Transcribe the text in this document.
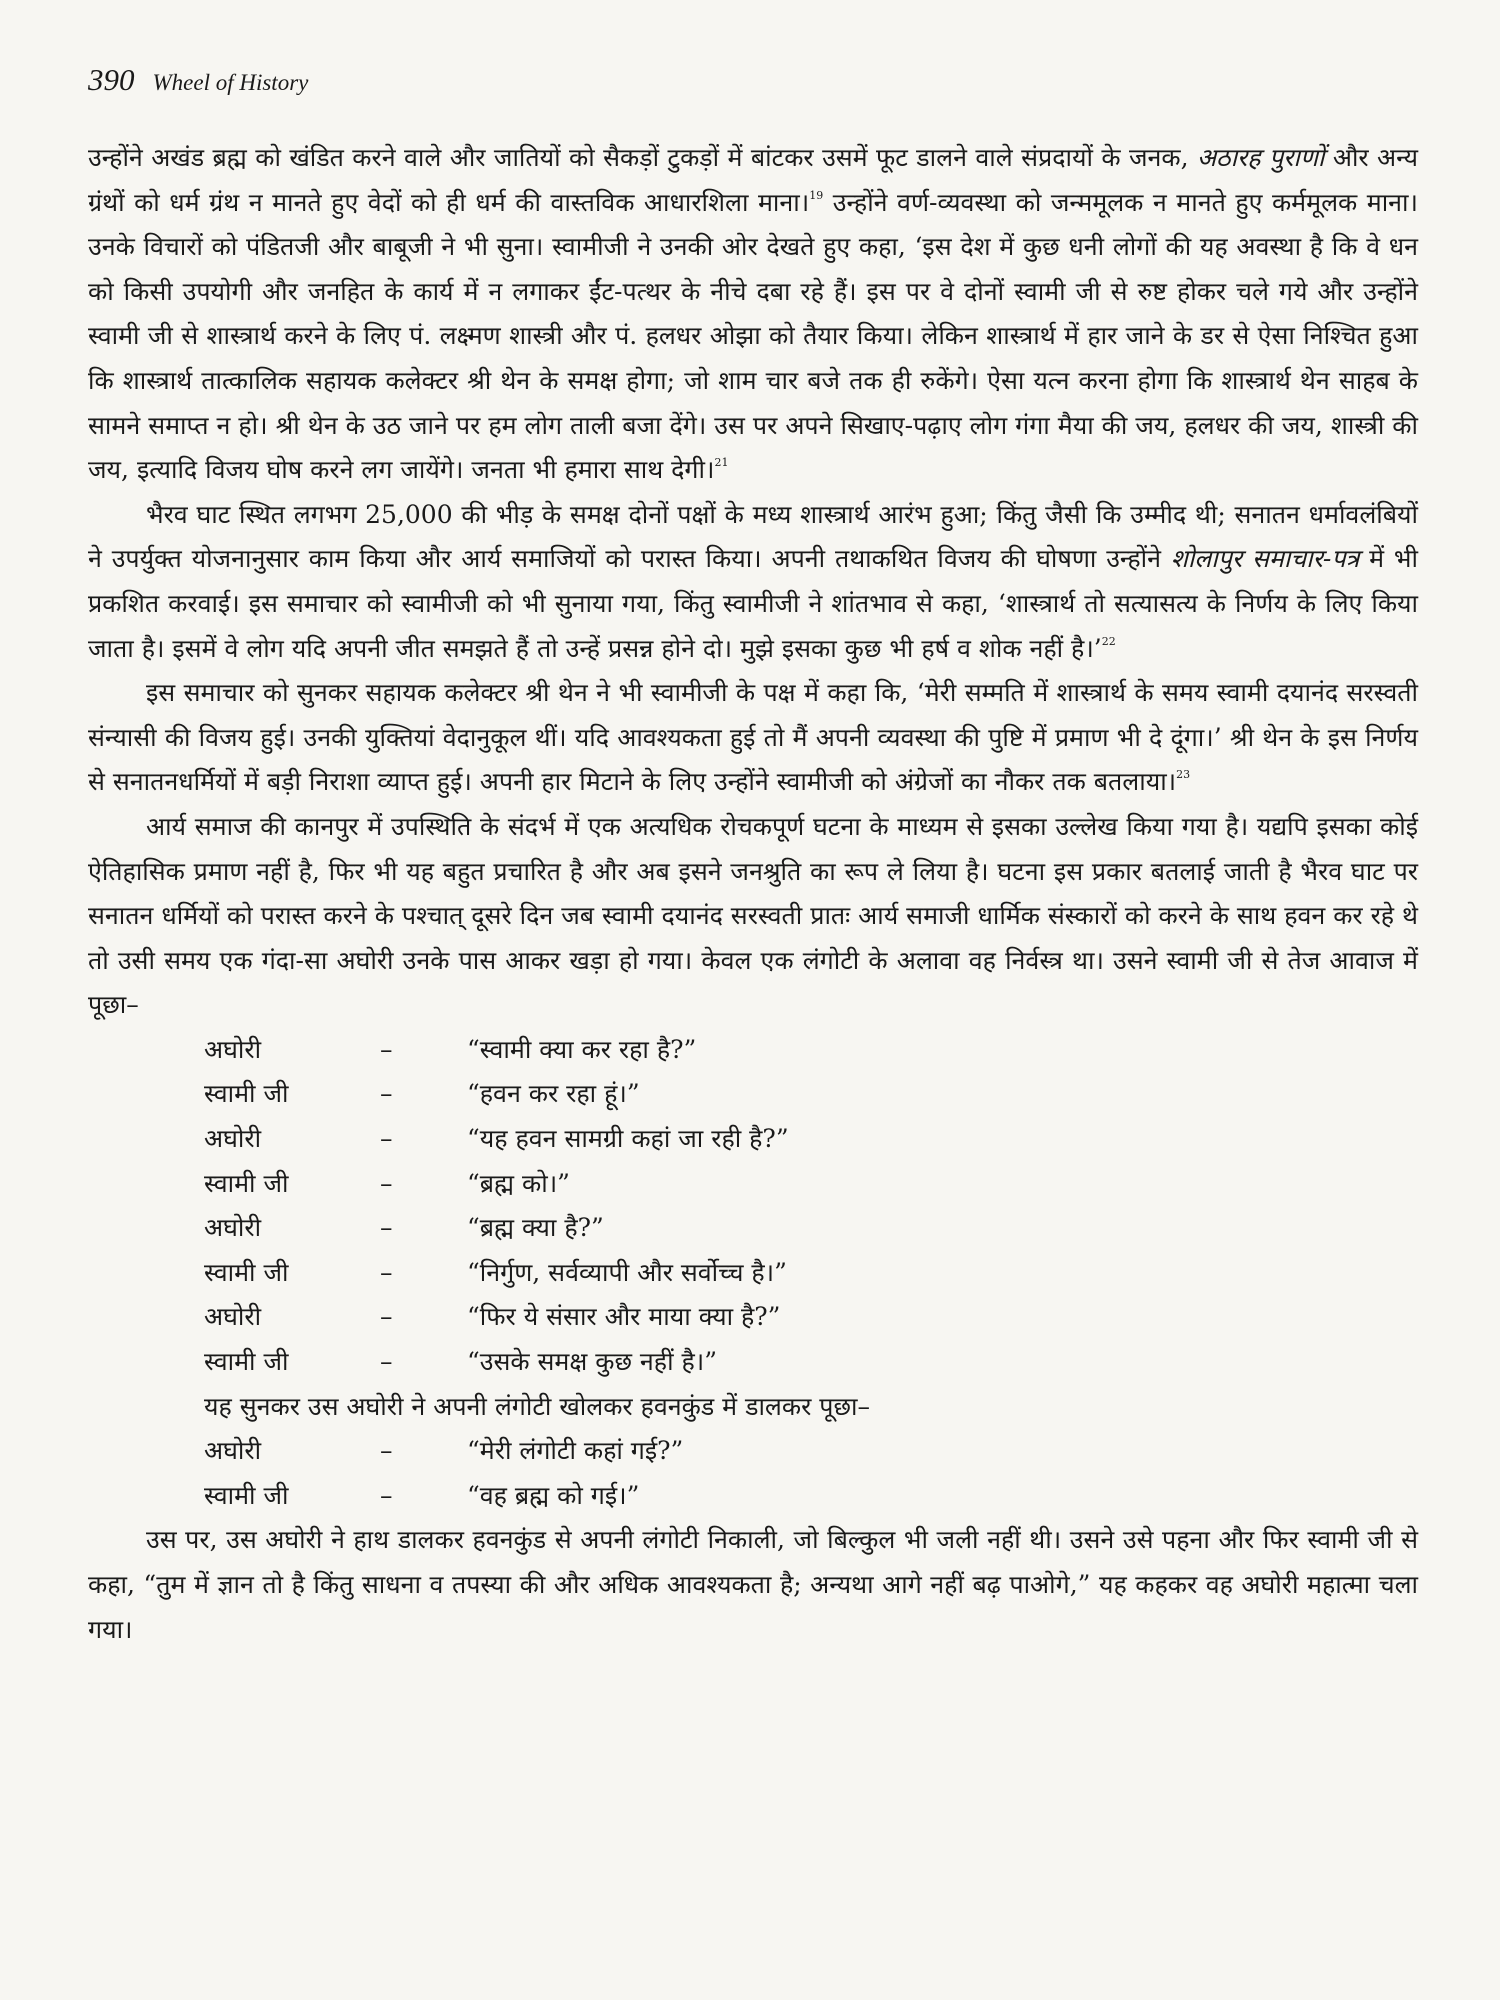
390 Wheel of History

उन्होंने अखंड ब्रह्म को खंडित करने वाले और जातियों को सैकड़ों टुकड़ों में बांटकर उसमें फूट डालने वाले संप्रदायों के जनक, अठारह पुराणों और अन्य ग्रंथों को धर्म ग्रंथ न मानते हुए वेदों को ही धर्म की वास्तविक आधारशिला माना।$^{19}$ उन्होंने वर्ण-व्यवस्था को जन्ममूलक न मानते हुए कर्ममूलक माना। उनके विचारों को पंडितजी और बाबूजी ने भी सुना। स्वामीजी ने उनकी ओर देखते हुए कहा, ‘इस देश में कुछ धनी लोगों की यह अवस्था है कि वे धन को किसी उपयोगी और जनहित के कार्य में न लगाकर ईंट-पत्थर के नीचे दबा रहे हैं। इस पर वे दोनों स्वामी जी से रुष्ट होकर चले गये और उन्होंने स्वामी जी से शास्त्रार्थ करने के लिए पं. लक्ष्मण शास्त्री और पं. हलधर ओझा को तैयार किया। लेकिन शास्त्रार्थ में हार जाने के डर से ऐसा निश्चित हुआ कि शास्त्रार्थ तात्कालिक सहायक कलेक्टर श्री थेन के समक्ष होगा; जो शाम चार बजे तक ही रुकेंगे। ऐसा यत्न करना होगा कि शास्त्रार्थ थेन साहब के सामने समाप्त न हो। श्री थेन के उठ जाने पर हम लोग ताली बजा देंगे। उस पर अपने सिखाए-पढ़ाए लोग गंगा मैया की जय, हलधर की जय, शास्त्री की जय, इत्यादि विजय घोष करने लग जायेंगे। जनता भी हमारा साथ देगी।$^{21}$

भैरव घाट स्थित लगभग 25,000 की भीड़ के समक्ष दोनों पक्षों के मध्य शास्त्रार्थ आरंभ हुआ; किंतु जैसी कि उम्मीद थी; सनातन धर्मावलंबियों ने उपर्युक्त योजनानुसार काम किया और आर्य समाजियों को परास्त किया। अपनी तथाकथित विजय की घोषणा उन्होंने शोलापुर समाचार-पत्र में भी प्रकशित करवाई। इस समाचार को स्वामीजी को भी सुनाया गया, किंतु स्वामीजी ने शांतभाव से कहा, ‘शास्त्रार्थ तो सत्यासत्य के निर्णय के लिए किया जाता है। इसमें वे लोग यदि अपनी जीत समझते हैं तो उन्हें प्रसन्न होने दो। मुझे इसका कुछ भी हर्ष व शोक नहीं है।’$^{22}$

इस समाचार को सुनकर सहायक कलेक्टर श्री थेन ने भी स्वामीजी के पक्ष में कहा कि, ‘मेरी सम्मति में शास्त्रार्थ के समय स्वामी दयानंद सरस्वती संन्यासी की विजय हुई। उनकी युक्तियां वेदानुकूल थीं। यदि आवश्यकता हुई तो मैं अपनी व्यवस्था की पुष्टि में प्रमाण भी दे दूंगा।’ श्री थेन के इस निर्णय से सनातनधर्मियों में बड़ी निराशा व्याप्त हुई। अपनी हार मिटाने के लिए उन्होंने स्वामीजी को अंग्रेजों का नौकर तक बतलाया।$^{23}$

आर्य समाज की कानपुर में उपस्थिति के संदर्भ में एक अत्यधिक रोचकपूर्ण घटना के माध्यम से इसका उल्लेख किया गया है। यद्यपि इसका कोई ऐतिहासिक प्रमाण नहीं है, फिर भी यह बहुत प्रचारित है और अब इसने जनश्रुति का रूप ले लिया है। घटना इस प्रकार बतलाई जाती है भैरव घाट पर सनातन धर्मियों को परास्त करने के पश्चात् दूसरे दिन जब स्वामी दयानंद सरस्वती प्रातः आर्य समाजी धार्मिक संस्कारों को करने के साथ हवन कर रहे थे तो उसी समय एक गंदा-सा अघोरी उनके पास आकर खड़ा हो गया। केवल एक लंगोटी के अलावा वह निर्वस्त्र था। उसने स्वामी जी से तेज आवाज में पूछा–

अघोरी	–	“स्वामी क्या कर रहा है?”
स्वामी जी	–	“हवन कर रहा हूं।”
अघोरी	–	“यह हवन सामग्री कहां जा रही है?”
स्वामी जी	–	“ब्रह्म को।”
अघोरी	–	“ब्रह्म क्या है?”
स्वामी जी	–	“निर्गुण, सर्वव्यापी और सर्वोच्च है।”
अघोरी	–	“फिर ये संसार और माया क्या है?”
स्वामी जी	–	“उसके समक्ष कुछ नहीं है।”
यह सुनकर उस अघोरी ने अपनी लंगोटी खोलकर हवनकुंड में डालकर पूछा–
अघोरी	–	“मेरी लंगोटी कहां गई?”
स्वामी जी	–	“वह ब्रह्म को गई।”

उस पर, उस अघोरी ने हाथ डालकर हवनकुंड से अपनी लंगोटी निकाली, जो बिल्कुल भी जली नहीं थी। उसने उसे पहना और फिर स्वामी जी से कहा, “तुम में ज्ञान तो है किंतु साधना व तपस्या की और अधिक आवश्यकता है; अन्यथा आगे नहीं बढ़ पाओगे,” यह कहकर वह अघोरी महात्मा चला गया।
